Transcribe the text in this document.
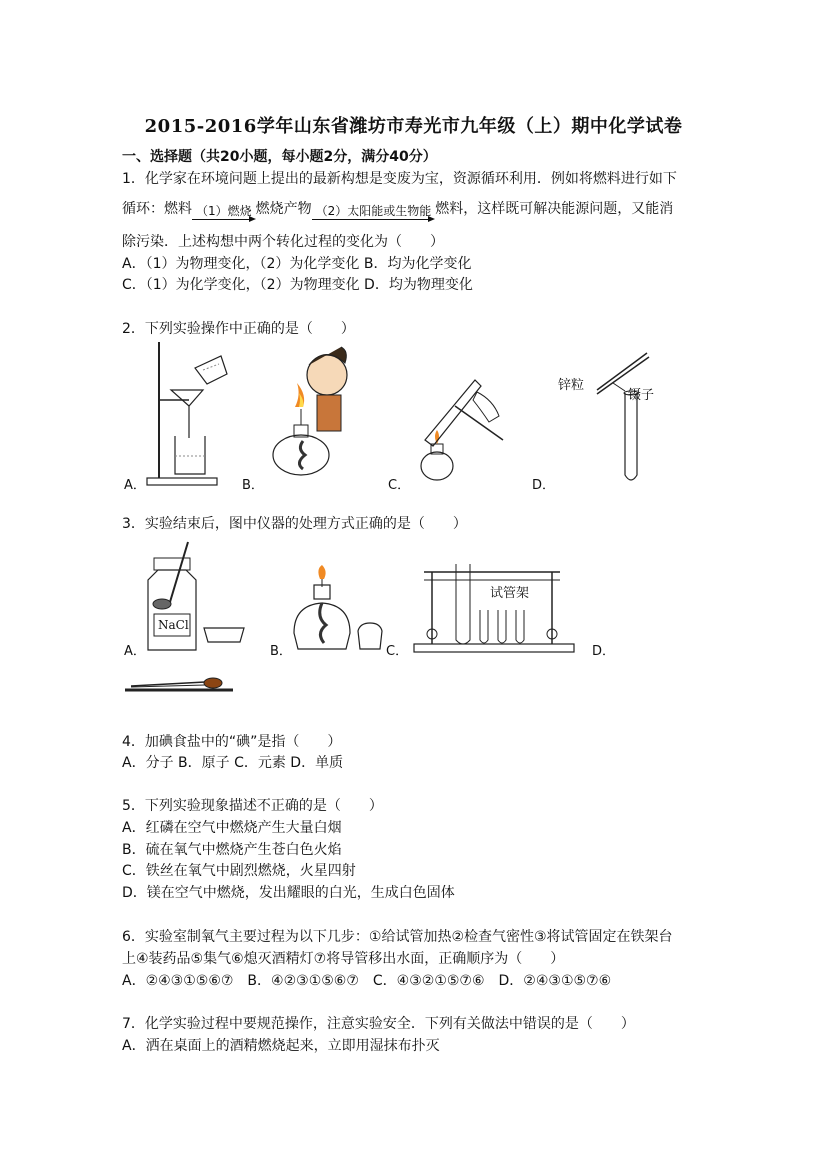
2015-2016学年山东省潍坊市寿光市九年级（上）期中化学试卷
一、选择题（共20小题，每小题2分，满分40分）
1．化学家在环境问题上提出的最新构想是变废为宝，资源循环利用．例如将燃料进行如下
循环：燃料 （1）燃烧 燃烧产物 （2）太阳能或生物能 燃料，这样既可解决能源问题，又能消
除污染．上述构想中两个转化过程的变化为（　　）
A．（1）为物理变化，（2）为化学变化 B．均为化学变化
C．（1）为化学变化，（2）为物理变化 D．均为物理变化
2．下列实验操作中正确的是（　　）
A．	B．	C．
锌粒
镊子
D．
3．实验结束后，图中仪器的处理方式正确的是（　　）
NaCl
A．	B．	C．
试管架
D．
4．加碘食盐中的“碘”是指（　　）
A．分子 B．原子 C．元素 D．单质
5．下列实验现象描述不正确的是（　　）
A．红磷在空气中燃烧产生大量白烟
B．硫在氧气中燃烧产生苍白色火焰
C．铁丝在氧气中剧烈燃烧，火星四射
D．镁在空气中燃烧，发出耀眼的白光，生成白色固体
6．实验室制氧气主要过程为以下几步：①给试管加热②检查气密性③将试管固定在铁架台
上④装药品⑤集气⑥熄灭酒精灯⑦将导管移出水面，正确顺序为（　　）
A．②④③①⑤⑥⑦　B．④②③①⑤⑥⑦　C．④③②①⑤⑦⑥　D．②④③①⑤⑦⑥
7．化学实验过程中要规范操作，注意实验安全．下列有关做法中错误的是（　　）
A．洒在桌面上的酒精燃烧起来，立即用湿抹布扑灭
